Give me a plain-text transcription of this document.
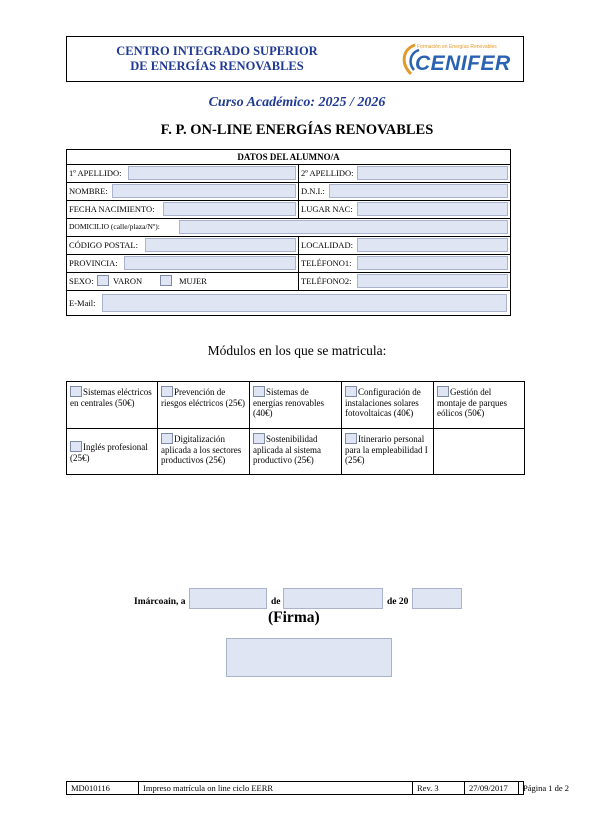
CENTRO INTEGRADO SUPERIOR
DE ENERGÍAS RENOVABLES
Formación en Energías Renovables
CENIFER
Curso Académico: 2025 / 2026
F. P. ON-LINE ENERGÍAS RENOVABLES
DATOS DEL ALUMNO/A
1º APELLIDO:	2º APELLIDO:
NOMBRE:	D.N.I.:
FECHA NACIMIENTO:	LUGAR NAC:
DOMICILIO (calle/plaza/Nº):
CÓDIGO POSTAL:	LOCALIDAD:
PROVINCIA:	TELÉFONO1:
SEXO: VARON	MUJER	TELÉFONO2:
E-Mail:
Módulos en los que se matricula:
Sistemas eléctricos en centrales (50€)
Prevención de riesgos eléctricos (25€)
Sistemas de energías renovables (40€)
Configuración de instalaciones solares fotovoltaicas (40€)
Gestión del montaje de parques eólicos (50€)
Inglés profesional (25€)
Digitalización aplicada a los sectores productivos (25€)
Sostenibilidad aplicada al sistema productivo (25€)
Itinerario personal para la empleabilidad I (25€)
Imárcoain, a	de	de 20
(Firma)
MD010116	Impreso matrícula on line ciclo EERR	Rev. 3	27/09/2017	Página 1 de 2
